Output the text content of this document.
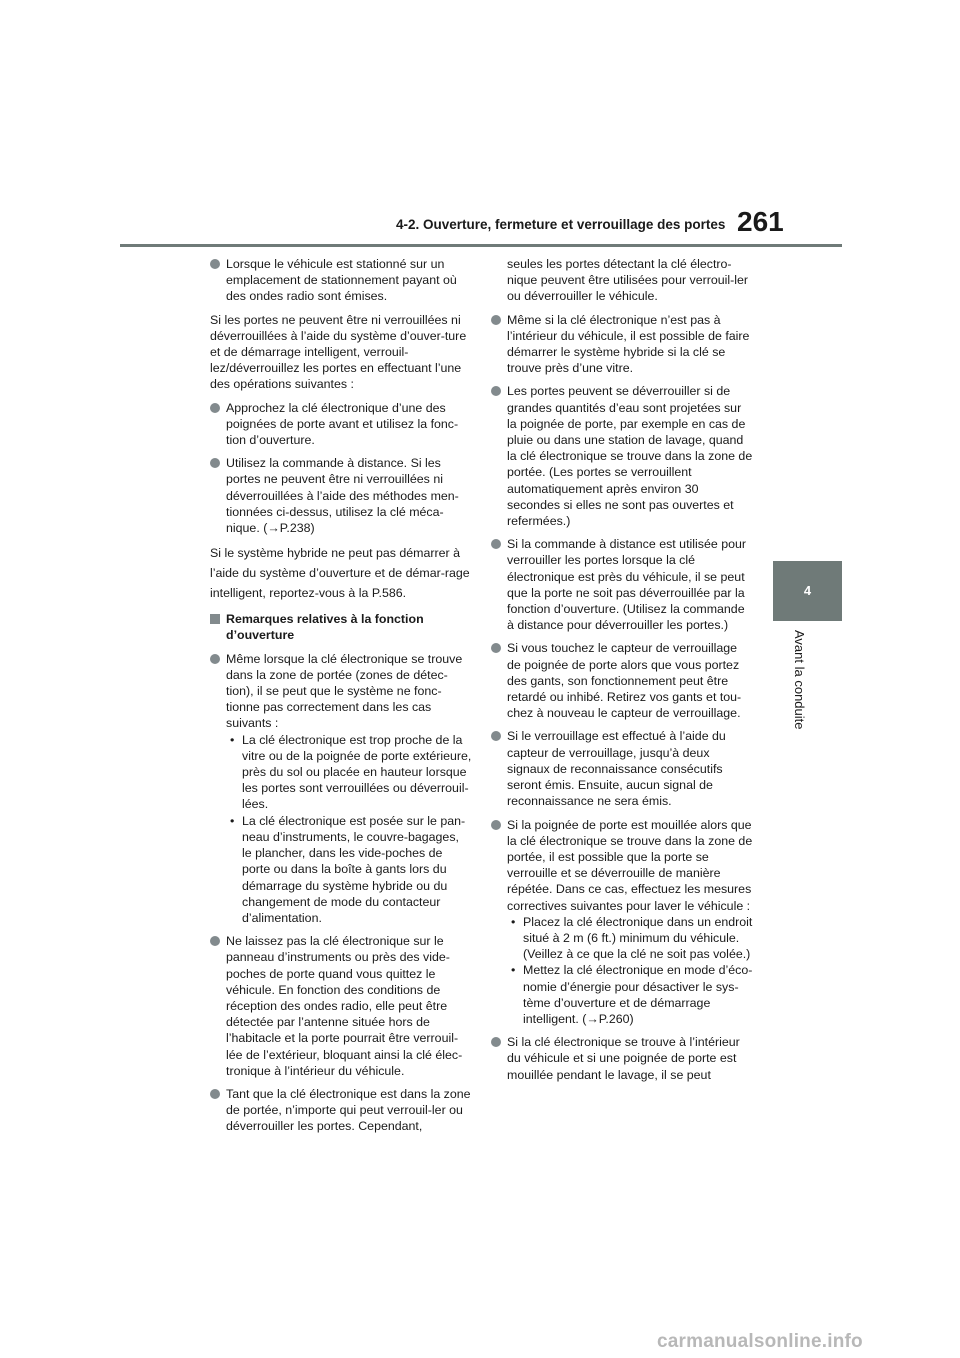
4-2. Ouverture, fermeture et verrouillage des portes 261
4
Avant la conduite
Lorsque le véhicule est stationné sur un emplacement de stationnement payant où des ondes radio sont émises.
Si les portes ne peuvent être ni verrouillées ni déverrouillées à l’aide du système d’ouver-ture et de démarrage intelligent, verrouil-lez/déverrouillez les portes en effectuant l’une des opérations suivantes :
Approchez la clé électronique d’une des poignées de porte avant et utilisez la fonc-tion d’ouverture.
Utilisez la commande à distance. Si les portes ne peuvent être ni verrouillées ni déverrouillées à l’aide des méthodes men-tionnées ci-dessus, utilisez la clé méca-nique. (→P.238)
Si le système hybride ne peut pas démarrer à l’aide du système d’ouverture et de démar-rage intelligent, reportez-vous à la P.586.
Remarques relatives à la fonction d’ouverture
Même lorsque la clé électronique se trouve dans la zone de portée (zones de détec-tion), il se peut que le système ne fonc-tionne pas correctement dans les cas suivants :
• La clé électronique est trop proche de la vitre ou de la poignée de porte extérieure, près du sol ou placée en hauteur lorsque les portes sont verrouillées ou déverrouil-lées.
• La clé électronique est posée sur le pan-neau d’instruments, le couvre-bagages, le plancher, dans les vide-poches de porte ou dans la boîte à gants lors du démarrage du système hybride ou du changement de mode du contacteur d’alimentation.
Ne laissez pas la clé électronique sur le panneau d’instruments ou près des vide-poches de porte quand vous quittez le véhicule. En fonction des conditions de réception des ondes radio, elle peut être détectée par l’antenne située hors de l’habitacle et la porte pourrait être verrouil-lée de l’extérieur, bloquant ainsi la clé élec-tronique à l’intérieur du véhicule.
Tant que la clé électronique est dans la zone de portée, n’importe qui peut verrouil-ler ou déverrouiller les portes. Cependant,
seules les portes détectant la clé électro-nique peuvent être utilisées pour verrouil-ler ou déverrouiller le véhicule.
Même si la clé électronique n’est pas à l’intérieur du véhicule, il est possible de faire démarrer le système hybride si la clé se trouve près d’une vitre.
Les portes peuvent se déverrouiller si de grandes quantités d’eau sont projetées sur la poignée de porte, par exemple en cas de pluie ou dans une station de lavage, quand la clé électronique se trouve dans la zone de portée. (Les portes se verrouillent automatiquement après environ 30 secondes si elles ne sont pas ouvertes et refermées.)
Si la commande à distance est utilisée pour verrouiller les portes lorsque la clé électronique est près du véhicule, il se peut que la porte ne soit pas déverrouillée par la fonction d’ouverture. (Utilisez la commande à distance pour déverrouiller les portes.)
Si vous touchez le capteur de verrouillage de poignée de porte alors que vous portez des gants, son fonctionnement peut être retardé ou inhibé. Retirez vos gants et tou-chez à nouveau le capteur de verrouillage.
Si le verrouillage est effectué à l’aide du capteur de verrouillage, jusqu’à deux signaux de reconnaissance consécutifs seront émis. Ensuite, aucun signal de reconnaissance ne sera émis.
Si la poignée de porte est mouillée alors que la clé électronique se trouve dans la zone de portée, il est possible que la porte se verrouille et se déverrouille de manière répétée. Dans ce cas, effectuez les mesures correctives suivantes pour laver le véhicule :
• Placez la clé électronique dans un endroit situé à 2 m (6 ft.) minimum du véhicule. (Veillez à ce que la clé ne soit pas volée.)
• Mettez la clé électronique en mode d’éco-nomie d’énergie pour désactiver le sys-tème d’ouverture et de démarrage intelligent. (→P.260)
Si la clé électronique se trouve à l’intérieur du véhicule et si une poignée de porte est mouillée pendant le lavage, il se peut
carmanualsonline.info
